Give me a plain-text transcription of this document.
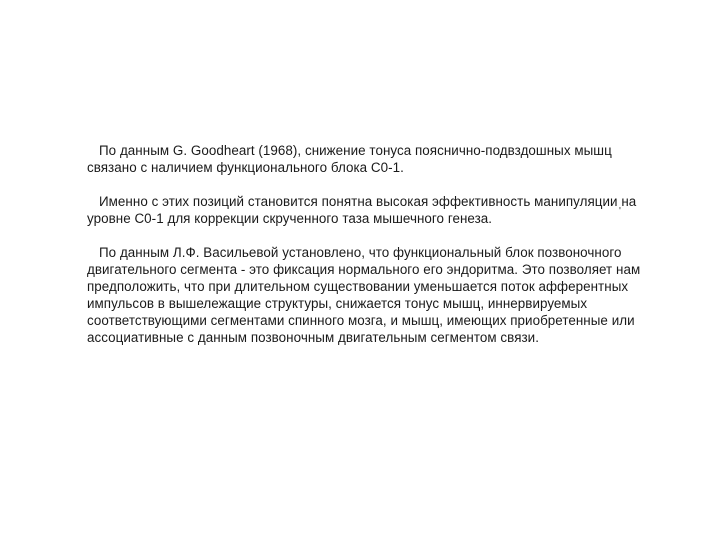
По данным G. Goodheart (1968), снижение тонуса пояснично-подвздошных мышц связано с наличием функционального блока С0-1.

Именно с этих позиций становится понятна высокая эффективность манипуляции на уровне С0-1 для коррекции скрученного таза мышечного генеза.

По данным Л.Ф. Васильевой установлено, что функциональный блок позвоночного двигательного сегмента - это фиксация нормального его эндоритма. Это позволяет нам предположить, что при длительном существовании уменьшается поток афферентных импульсов в вышележащие структуры, снижается тонус мышц, иннервируемых соответствующими сегментами спинного мозга, и мышц, имеющих приобретенные или ассоциативные с данным позвоночным двигательным сегментом связи.

'
